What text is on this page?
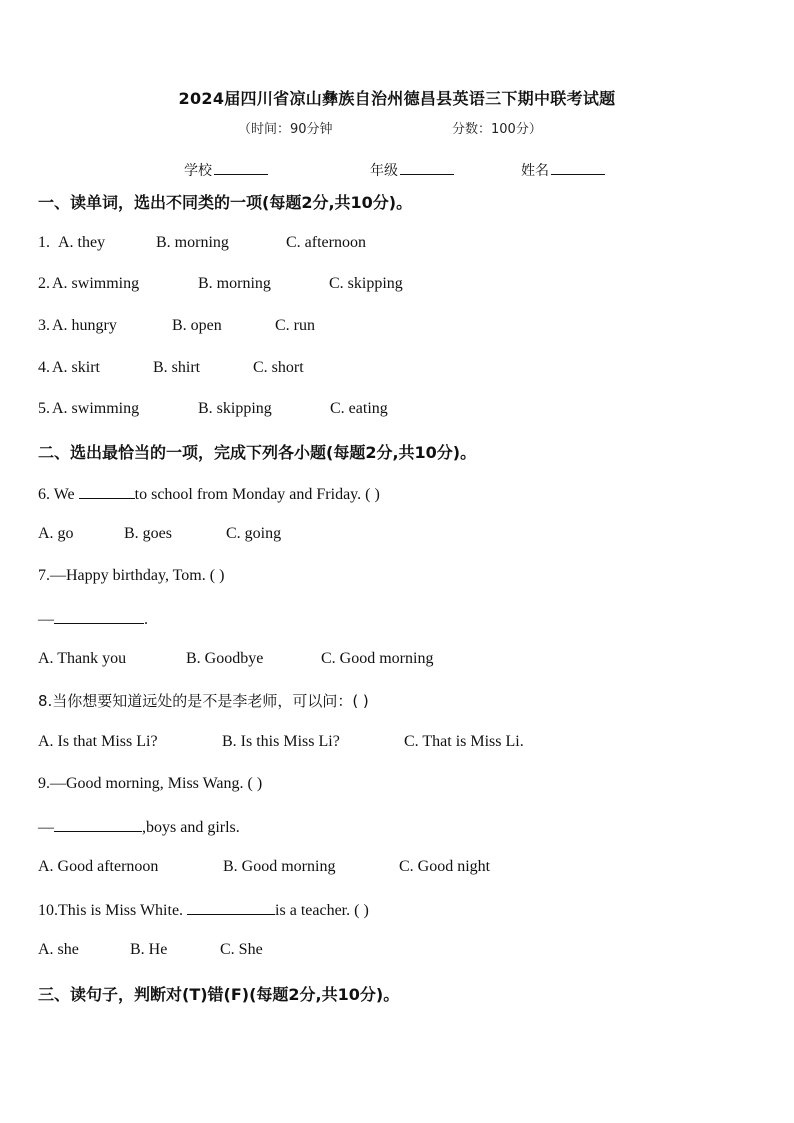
2024届四川省凉山彝族自治州德昌县英语三下期中联考试题
（时间：90分钟	分数：100分）
学校	年级	姓名
一、读单词，选出不同类的一项(每题2分,共10分)。
1. A. they	B. morning	C. afternoon
2. A. swimming	B. morning	C. skipping
3. A. hungry	B. open	C. run
4. A. skirt	B. shirt	C. short
5. A. swimming	B. skipping	C. eating
二、选出最恰当的一项，完成下列各小题(每题2分,共10分)。
6. We	to school from Monday and Friday. ( )
A. go	B. goes	C. going
7.—Happy birthday, Tom. ( )
—	.
A. Thank you	B. Goodbye	C. Good morning
8.当你想要知道远处的是不是李老师，可以问：( )
A. Is that Miss Li?	B. Is this Miss Li?	C. That is Miss Li.
9.—Good morning, Miss Wang. ( )
—	,boys and girls.
A. Good afternoon	B. Good morning	C. Good night
10.This is Miss White.	is a teacher. ( )
A. she	B. He	C. She
三、读句子，判断对(T)错(F)(每题2分,共10分)。
